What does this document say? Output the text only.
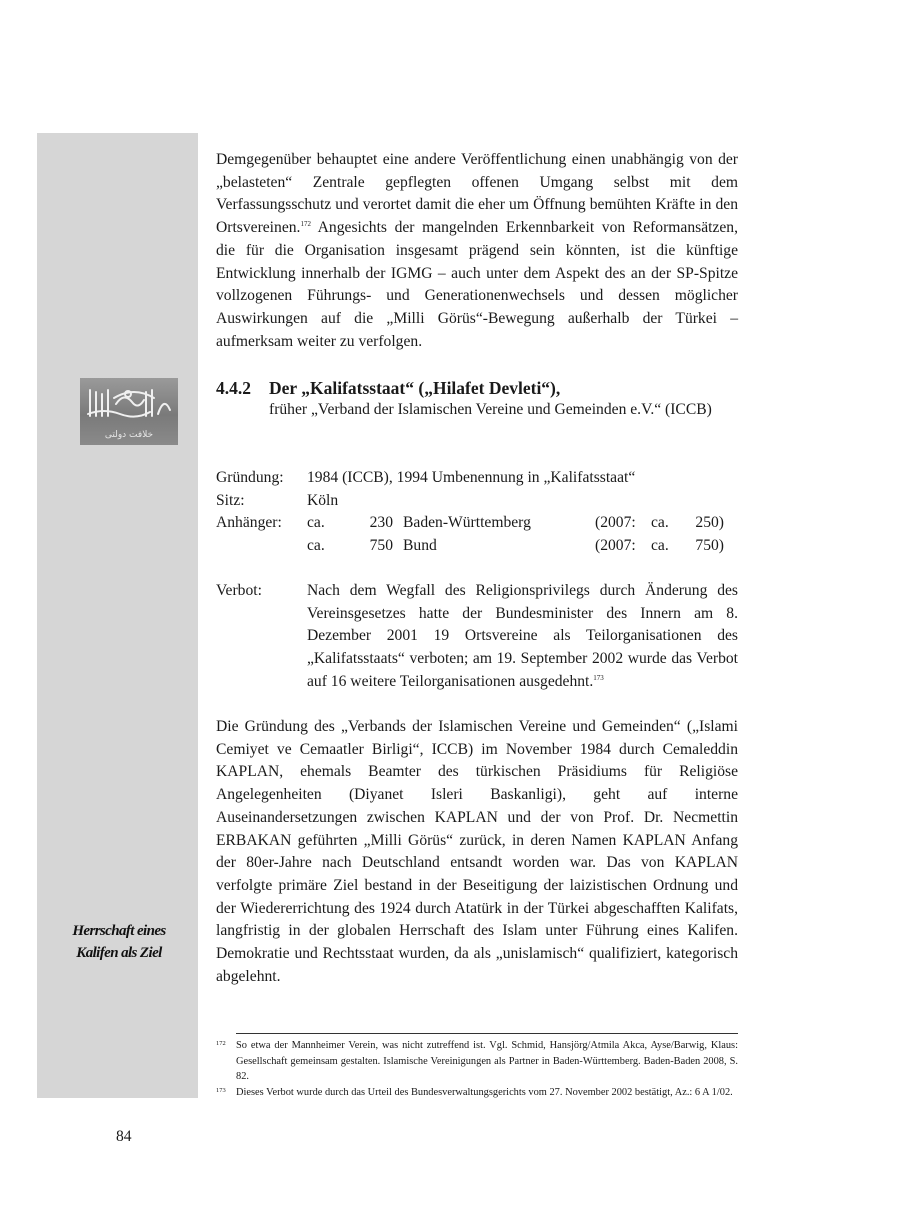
خلافت دولتى
Herrschaft eines
Kalifen als Ziel
Demgegenüber behauptet eine andere Veröffentlichung einen unabhängig von der „belasteten“ Zentrale gepflegten offenen Umgang selbst mit dem Verfassungsschutz und verortet damit die eher um Öffnung bemühten Kräfte in den Ortsvereinen.$^{172}$ Angesichts der mangelnden Erkennbarkeit von Reformansätzen, die für die Organisation insgesamt prägend sein könnten, ist die künftige Entwicklung innerhalb der IGMG – auch unter dem Aspekt des an der SP-Spitze vollzogenen Führungs- und Generationenwechsels und dessen möglicher Auswirkungen auf die „Milli Görüs“-Bewegung außerhalb der Türkei – aufmerksam weiter zu verfolgen.
4.4.2 Der „Kalifatsstaat“ („Hilafet Devleti“),
früher „Verband der Islamischen Vereine und Gemeinden e.V.“ (ICCB)
Gründung:	1984 (ICCB), 1994 Umbenennung in „Kalifatsstaat“
Sitz:	Köln
Anhänger:	ca.	230 Baden-Württemberg	(2007: ca.	250)
ca.	750 Bund	(2007: ca.	750)
Verbot:	Nach dem Wegfall des Religionsprivilegs durch Änderung des Vereinsgesetzes hatte der Bundesminister des Innern am 8. Dezember 2001 19 Ortsvereine als Teilorganisationen des „Kalifatsstaats“ verboten; am 19. September 2002 wurde das Verbot auf 16 weitere Teilorganisationen ausgedehnt.$^{173}$
Die Gründung des „Verbands der Islamischen Vereine und Gemeinden“ („Islami Cemiyet ve Cemaatler Birligi“, ICCB) im November 1984 durch Cemaleddin KAPLAN, ehemals Beamter des türkischen Präsidiums für Religiöse Angelegenheiten (Diyanet Isleri Baskanligi), geht auf interne Auseinandersetzungen zwischen KAPLAN und der von Prof. Dr. Necmettin ERBAKAN geführten „Milli Görüs“ zurück, in deren Namen KAPLAN Anfang der 80er-Jahre nach Deutschland entsandt worden war. Das von KAPLAN verfolgte primäre Ziel bestand in der Beseitigung der laizistischen Ordnung und der Wiedererrichtung des 1924 durch Atatürk in der Türkei abgeschafften Kalifats, langfristig in der globalen Herrschaft des Islam unter Führung eines Kalifen. Demokratie und Rechtsstaat wurden, da als „unislamisch“ qualifiziert, kategorisch abgelehnt.
172 So etwa der Mannheimer Verein, was nicht zutreffend ist. Vgl. Schmid, Hansjörg/Atmila Akca, Ayse/Barwig, Klaus: Gesellschaft gemeinsam gestalten. Islamische Vereinigungen als Partner in Baden-Württemberg. Baden-Baden 2008, S. 82.
173 Dieses Verbot wurde durch das Urteil des Bundesverwaltungsgerichts vom 27. November 2002 bestätigt, Az.: 6 A 1/02.
84
